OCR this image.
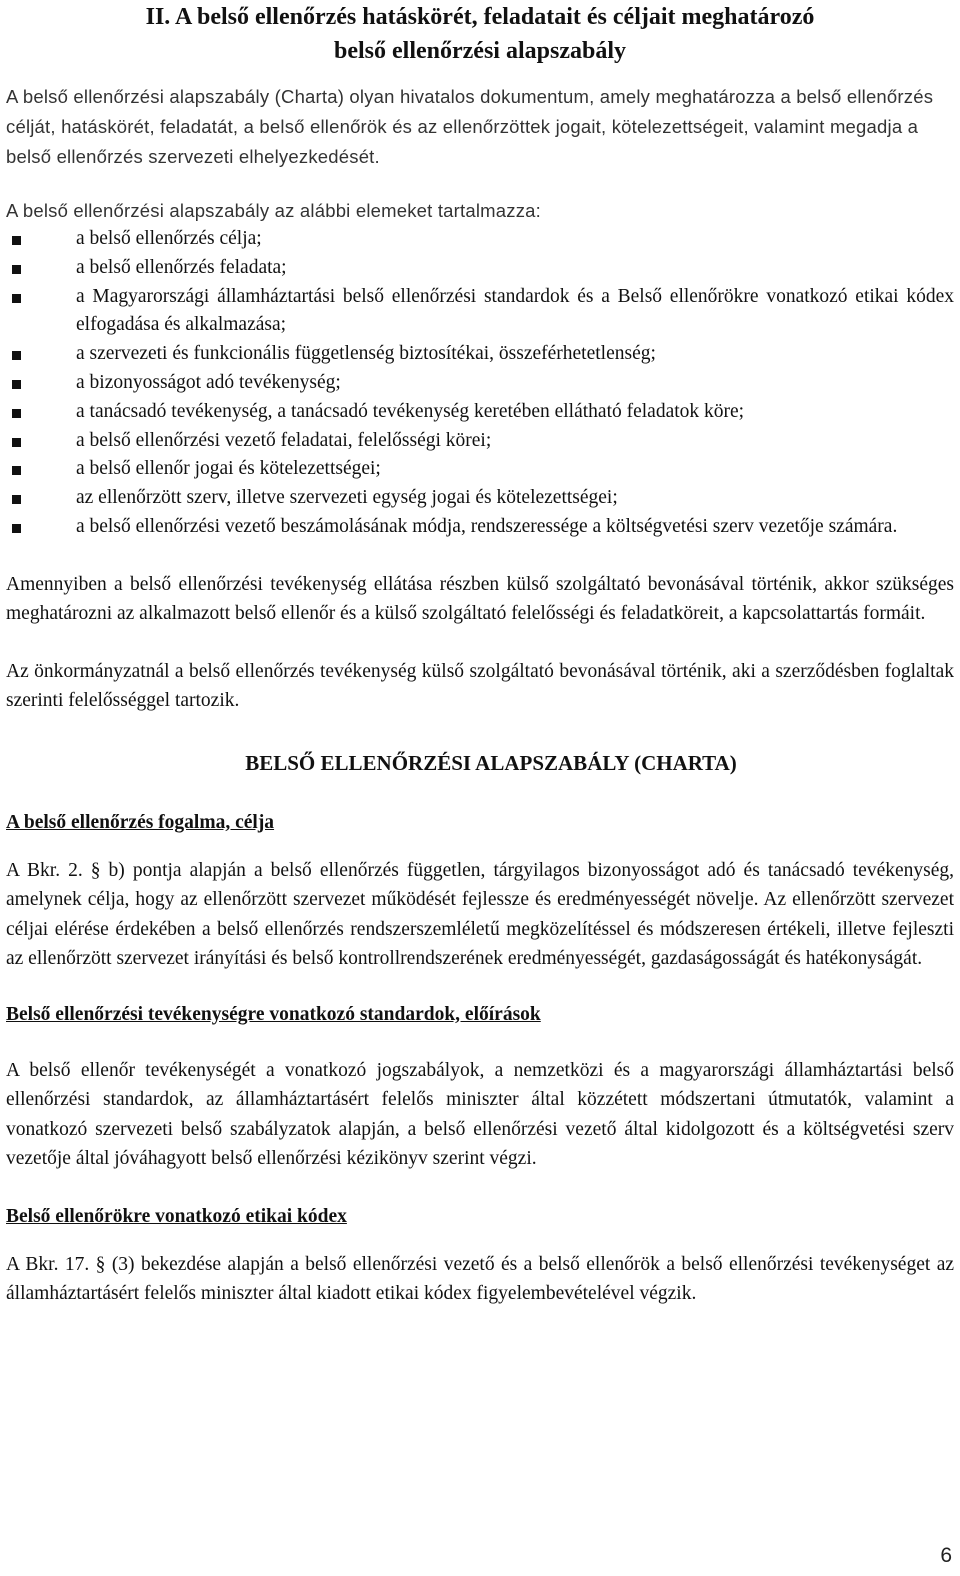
II. A belső ellenőrzés hatáskörét, feladatait és céljait meghatározó
belső ellenőrzési alapszabály

A belső ellenőrzési alapszabály (Charta) olyan hivatalos dokumentum, amely meghatározza a belső ellenőrzés célját, hatáskörét, feladatát, a belső ellenőrök és az ellenőrzöttek jogait, kötelezettségeit, valamint megadja a belső ellenőrzés szervezeti elhelyezkedését.

A belső ellenőrzési alapszabály az alábbi elemeket tartalmazza:

a belső ellenőrzés célja;
a belső ellenőrzés feladata;
a Magyarországi államháztartási belső ellenőrzési standardok és a Belső ellenőrökre vonatkozó etikai kódex elfogadása és alkalmazása;
a szervezeti és funkcionális függetlenség biztosítékai, összeférhetetlenség;
a bizonyosságot adó tevékenység;
a tanácsadó tevékenység, a tanácsadó tevékenység keretében ellátható feladatok köre;
a belső ellenőrzési vezető feladatai, felelősségi körei;
a belső ellenőr jogai és kötelezettségei;
az ellenőrzött szerv, illetve szervezeti egység jogai és kötelezettségei;
a belső ellenőrzési vezető beszámolásának módja, rendszeressége a költségvetési szerv vezetője számára.

Amennyiben a belső ellenőrzési tevékenység ellátása részben külső szolgáltató bevonásával történik, akkor szükséges meghatározni az alkalmazott belső ellenőr és a külső szolgáltató felelősségi és feladatköreit, a kapcsolattartás formáit.

Az önkormányzatnál a belső ellenőrzés tevékenység külső szolgáltató bevonásával történik, aki a szerződésben foglaltak szerinti felelősséggel tartozik.

BELSŐ ELLENŐRZÉSI ALAPSZABÁLY (CHARTA)
A belső ellenőrzés fogalma, célja

A Bkr. 2. § b) pontja alapján a belső ellenőrzés független, tárgyilagos bizonyosságot adó és tanácsadó tevékenység, amelynek célja, hogy az ellenőrzött szervezet működését fejlessze és eredményességét növelje. Az ellenőrzött szervezet céljai elérése érdekében a belső ellenőrzés rendszerszemléletű megközelítéssel és módszeresen értékeli, illetve fejleszti az ellenőrzött szervezet irányítási és belső kontrollrendszerének eredményességét, gazdaságosságát és hatékonyságát.

Belső ellenőrzési tevékenységre vonatkozó standardok, előírások

A belső ellenőr tevékenységét a vonatkozó jogszabályok, a nemzetközi és a magyarországi államháztartási belső ellenőrzési standardok, az államháztartásért felelős miniszter által közzétett módszertani útmutatók, valamint a vonatkozó szervezeti belső szabályzatok alapján, a belső ellenőrzési vezető által kidolgozott és a költségvetési szerv vezetője által jóváhagyott belső ellenőrzési kézikönyv szerint végzi.

Belső ellenőrökre vonatkozó etikai kódex

A Bkr. 17. § (3) bekezdése alapján a belső ellenőrzési vezető és a belső ellenőrök a belső ellenőrzési tevékenységet az államháztartásért felelős miniszter által kiadott etikai kódex figyelembevételével végzik.

6
